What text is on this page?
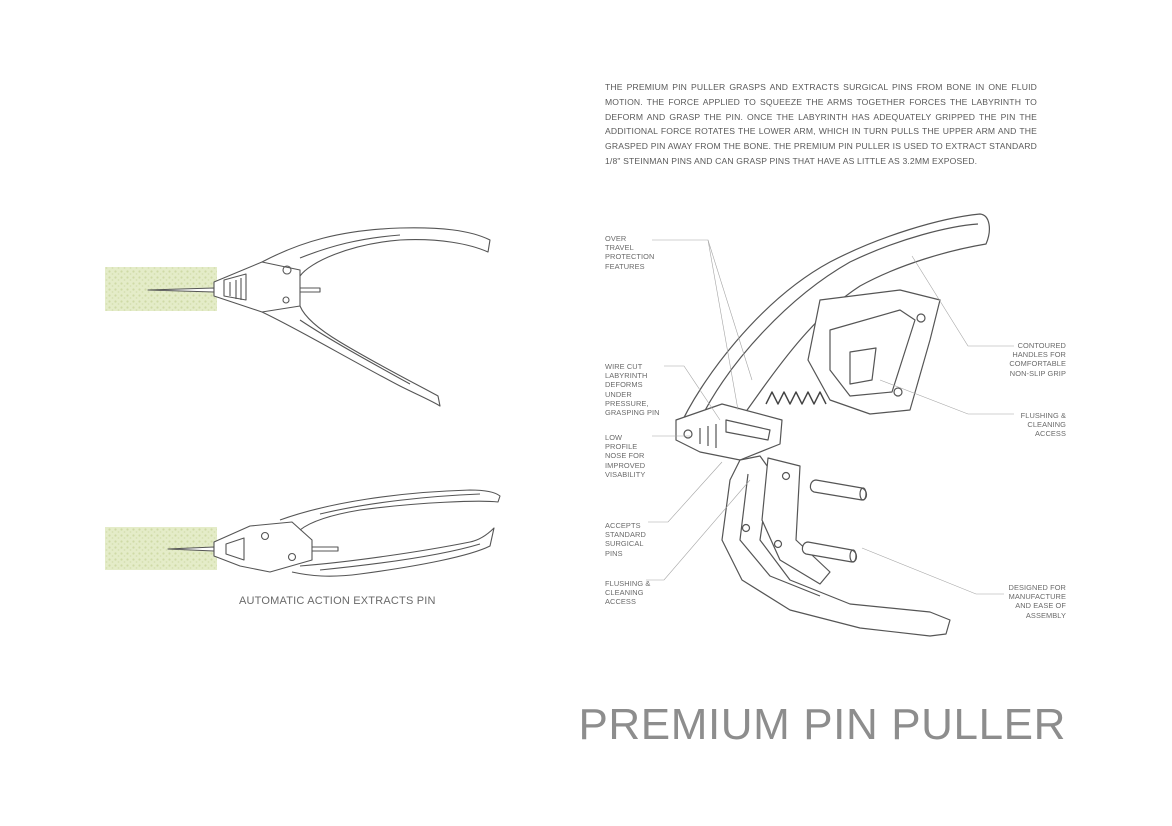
THE PREMIUM PIN PULLER GRASPS AND EXTRACTS SURGICAL PINS FROM BONE IN ONE FLUID MOTION. THE FORCE APPLIED TO SQUEEZE THE ARMS TOGETHER FORCES THE LABYRINTH TO DEFORM AND GRASP THE PIN. ONCE THE LABYRINTH HAS ADEQUATELY GRIPPED THE PIN THE ADDITIONAL FORCE ROTATES THE LOWER ARM, WHICH IN TURN PULLS THE UPPER ARM AND THE GRASPED PIN AWAY FROM THE BONE. THE PREMIUM PIN PULLER IS USED TO EXTRACT STANDARD 1/8" STEINMAN PINS AND CAN GRASP PINS THAT HAVE AS LITTLE AS 3.2MM EXPOSED.

OVER
TRAVEL
PROTECTION
FEATURES
WIRE CUT
LABYRINTH
DEFORMS
UNDER
PRESSURE,
GRASPING PIN
LOW
PROFILE
NOSE FOR
IMPROVED
VISABILITY
ACCEPTS
STANDARD
SURGICAL
PINS
FLUSHING &
CLEANING
ACCESS
CONTOURED
HANDLES FOR
COMFORTABLE
NON-SLIP GRIP
FLUSHING &
CLEANING
ACCESS
DESIGNED FOR
MANUFACTURE
AND EASE OF
ASSEMBLY
AUTOMATIC ACTION EXTRACTS PIN
PREMIUM PIN PULLER
